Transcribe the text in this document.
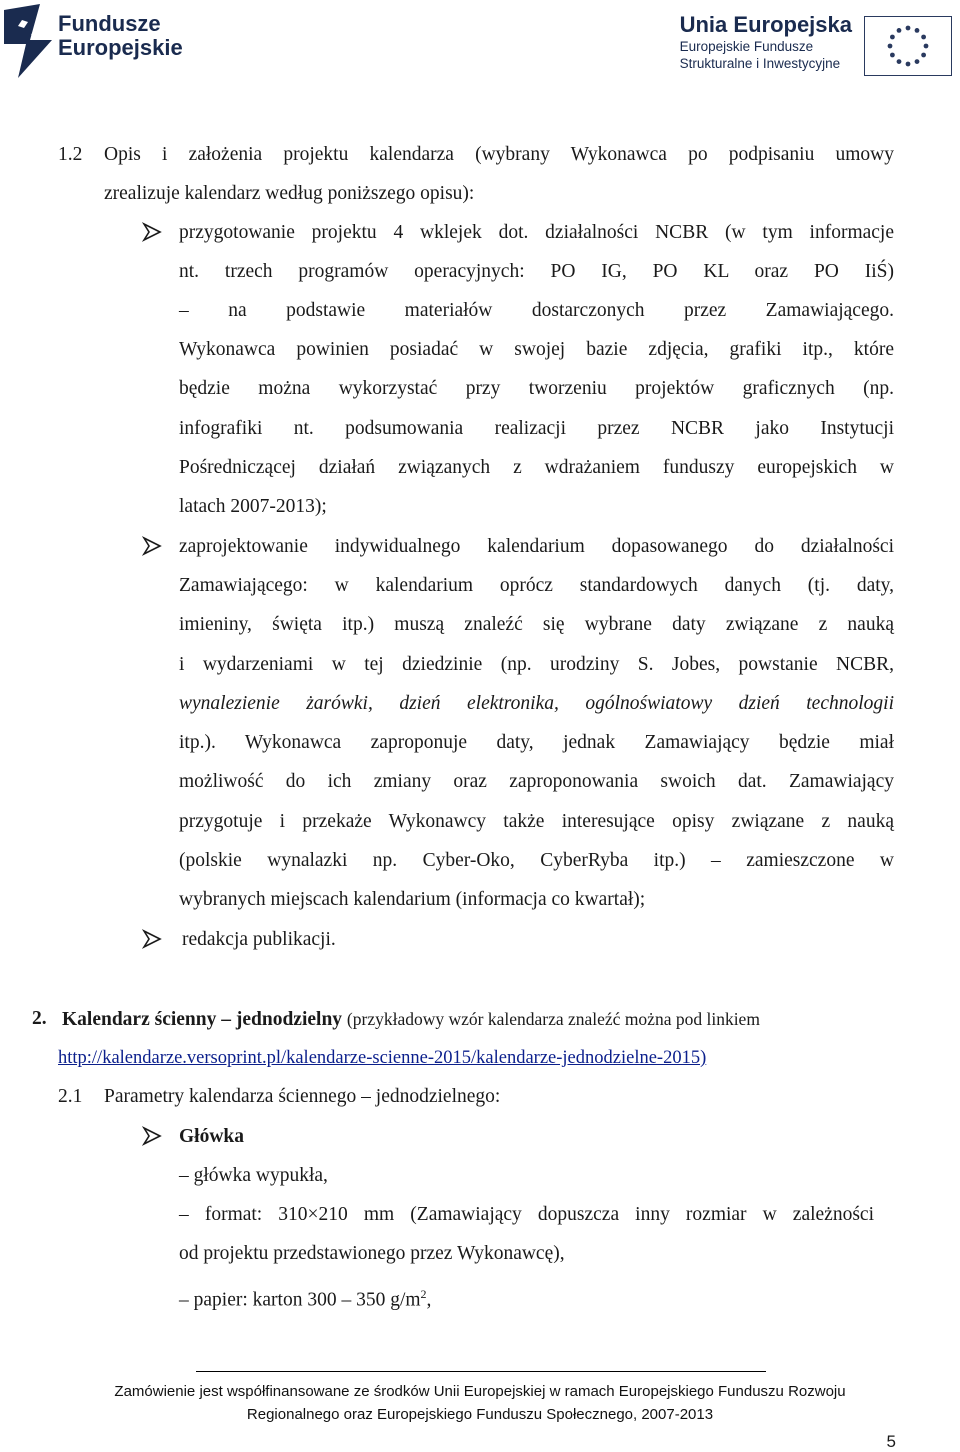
Fundusze
Europejskie
Unia Europejska
Europejskie Fundusze
Strukturalne i Inwestycyjne
1.2 Opis i założenia projektu kalendarza (wybrany Wykonawca po podpisaniu umowy
zrealizuje kalendarz według poniższego opisu):
przygotowanie projektu 4 wklejek dot. działalności NCBR (w tym informacje
nt. trzech programów operacyjnych: PO IG, PO KL oraz PO IiŚ)
– na podstawie materiałów dostarczonych przez Zamawiającego.
Wykonawca powinien posiadać w swojej bazie zdjęcia, grafiki itp., które
będzie można wykorzystać przy tworzeniu projektów graficznych (np.
infografiki nt. podsumowania realizacji przez NCBR jako Instytucji
Pośredniczącej działań związanych z wdrażaniem funduszy europejskich w
latach 2007-2013);
zaprojektowanie indywidualnego kalendarium dopasowanego do działalności
Zamawiającego: w kalendarium oprócz standardowych danych (tj. daty,
imieniny, święta itp.) muszą znaleźć się wybrane daty związane z nauką
i wydarzeniami w tej dziedzinie (np. urodziny S. Jobes, powstanie NCBR,
wynalezienie żarówki, dzień elektronika, ogólnoświatowy dzień technologii
itp.). Wykonawca zaproponuje daty, jednak Zamawiający będzie miał
możliwość do ich zmiany oraz zaproponowania swoich dat. Zamawiający
przygotuje i przekaże Wykonawcy także interesujące opisy związane z nauką
(polskie wynalazki np. Cyber-Oko, CyberRyba itp.) – zamieszczone w
wybranych miejscach kalendarium (informacja co kwartał);
redakcja publikacji.
2. Kalendarz ścienny – jednodzielny (przykładowy wzór kalendarza znaleźć można pod linkiem
http://kalendarze.versoprint.pl/kalendarze-scienne-2015/kalendarze-jednodzielne-2015)
2.1 Parametry kalendarza ściennego – jednodzielnego:
Główka
– główka wypukła,
– format: 310×210 mm (Zamawiający dopuszcza inny rozmiar w zależności
od projektu przedstawionego przez Wykonawcę),
– papier: karton 300 – 350 $g/m^2$,
Zamówienie jest współfinansowane ze środków Unii Europejskiej w ramach Europejskiego Funduszu Rozwoju
Regionalnego oraz Europejskiego Funduszu Społecznego, 2007-2013
5
